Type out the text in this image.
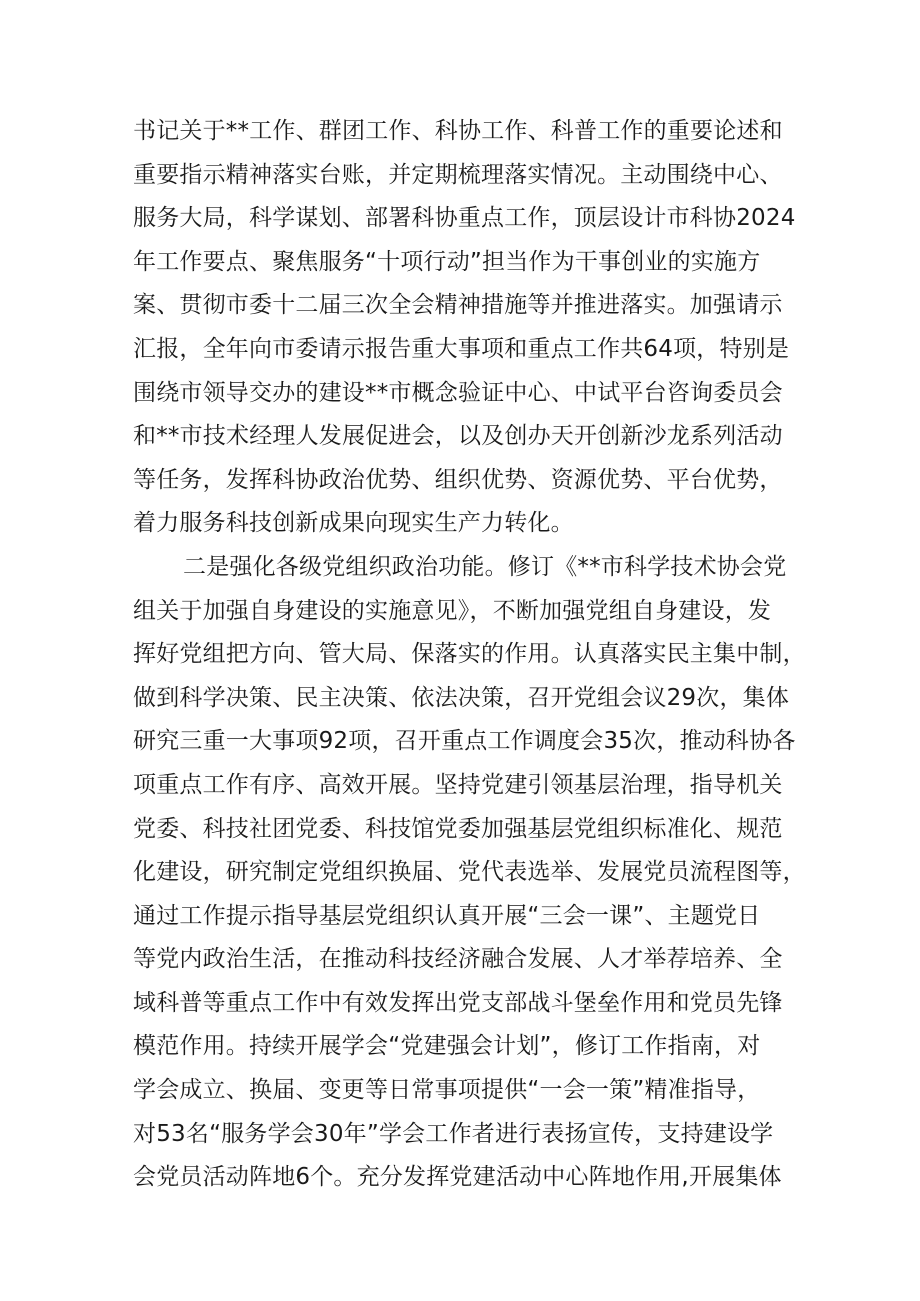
书记关于**工作、群团工作、科协工作、科普工作的重要论述和
重要指示精神落实台账，并定期梳理落实情况。主动围绕中心、
服务大局，科学谋划、部署科协重点工作，顶层设计市科协2024
年工作要点、聚焦服务“十项行动”担当作为干事创业的实施方
案、贯彻市委十二届三次全会精神措施等并推进落实。加强请示
汇报，全年向市委请示报告重大事项和重点工作共64项，特别是
围绕市领导交办的建设**市概念验证中心、中试平台咨询委员会
和**市技术经理人发展促进会，以及创办天开创新沙龙系列活动
等任务，发挥科协政治优势、组织优势、资源优势、平台优势，
着力服务科技创新成果向现实生产力转化。
二是强化各级党组织政治功能。修订《**市科学技术协会党
组关于加强自身建设的实施意见》，不断加强党组自身建设，发
挥好党组把方向、管大局、保落实的作用。认真落实民主集中制，
做到科学决策、民主决策、依法决策，召开党组会议29次，集体
研究三重一大事项92项，召开重点工作调度会35次，推动科协各
项重点工作有序、高效开展。坚持党建引领基层治理，指导机关
党委、科技社团党委、科技馆党委加强基层党组织标准化、规范
化建设，研究制定党组织换届、党代表选举、发展党员流程图等，
通过工作提示指导基层党组织认真开展“三会一课”、主题党日
等党内政治生活，在推动科技经济融合发展、人才举荐培养、全
域科普等重点工作中有效发挥出党支部战斗堡垒作用和党员先锋
模范作用。持续开展学会“党建强会计划”，修订工作指南，对
学会成立、换届、变更等日常事项提供“一会一策”精准指导，
对53名“服务学会30年”学会工作者进行表扬宣传，支持建设学
会党员活动阵地6个。充分发挥党建活动中心阵地作用,开展集体
